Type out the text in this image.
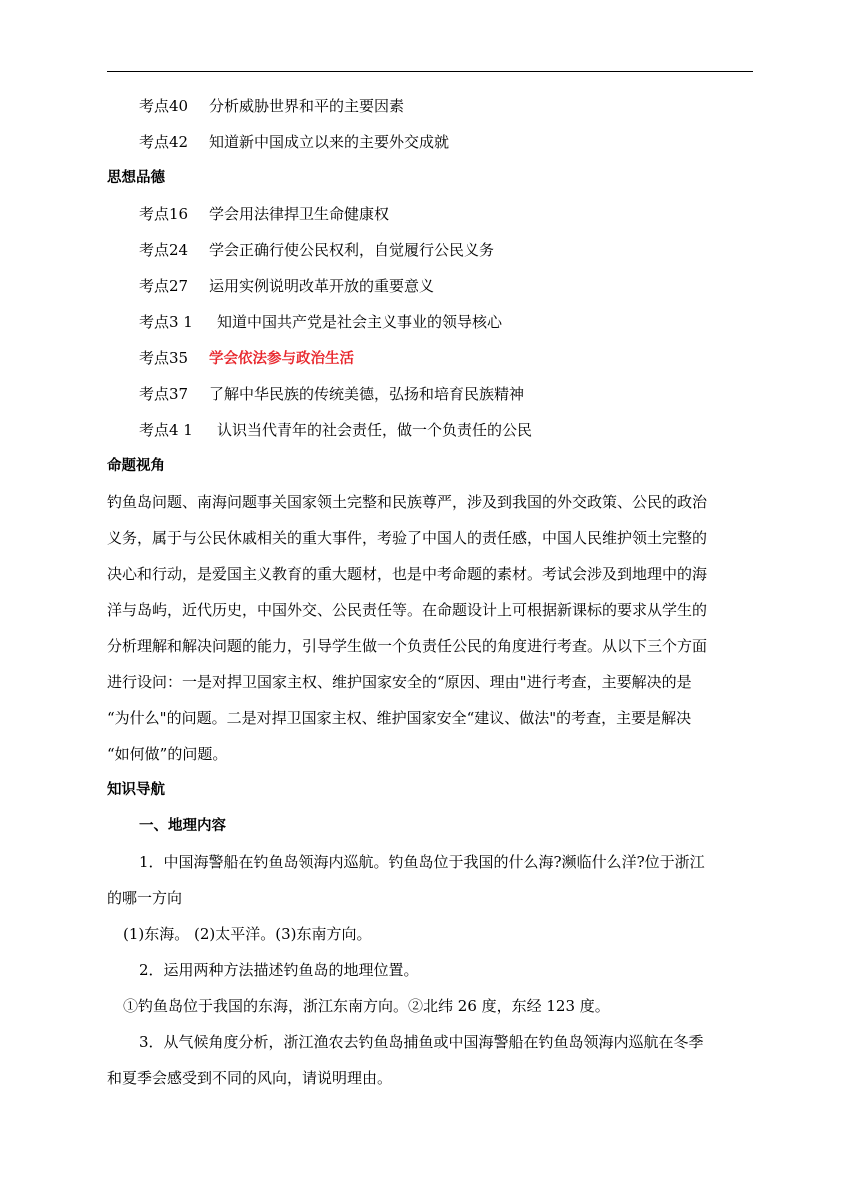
考点40 分析威胁世界和平的主要因素
考点42 知道新中国成立以来的主要外交成就
思想品德
考点16 学会用法律捍卫生命健康权
考点24 学会正确行使公民权利，自觉履行公民义务
考点27 运用实例说明改革开放的重要意义
考点3 1 知道中国共产党是社会主义事业的领导核心
考点35 学会依法参与政治生活
考点37 了解中华民族的传统美德，弘扬和培育民族精神
考点4 1 认识当代青年的社会责任，做一个负责任的公民
命题视角
钓鱼岛问题、南海问题事关国家领土完整和民族尊严，涉及到我国的外交政策、公民的政治
义务，属于与公民休戚相关的重大事件，考验了中国人的责任感，中国人民维护领土完整的
决心和行动，是爱国主义教育的重大题材，也是中考命题的素材。考试会涉及到地理中的海
洋与岛屿，近代历史，中国外交、公民责任等。在命题设计上可根据新课标的要求从学生的
分析理解和解决问题的能力，引导学生做一个负责任公民的角度进行考查。从以下三个方面
进行设问：一是对捍卫国家主权、维护国家安全的“原因、理由"进行考查，主要解决的是
“为什么"的问题。二是对捍卫国家主权、维护国家安全“建议、做法"的考查，主要是解决
“如何做”的问题。
知识导航
一、地理内容
1．中国海警船在钓鱼岛领海内巡航。钓鱼岛位于我国的什么海?濒临什么洋?位于浙江
的哪一方向
(1)东海。 (2)太平洋。(3)东南方向。
2．运用两种方法描述钓鱼岛的地理位置。
①钓鱼岛位于我国的东海，浙江东南方向。②北纬 26 度，东经 123 度。
3．从气候角度分析，浙江渔农去钓鱼岛捕鱼或中国海警船在钓鱼岛领海内巡航在冬季
和夏季会感受到不同的风向，请说明理由。
